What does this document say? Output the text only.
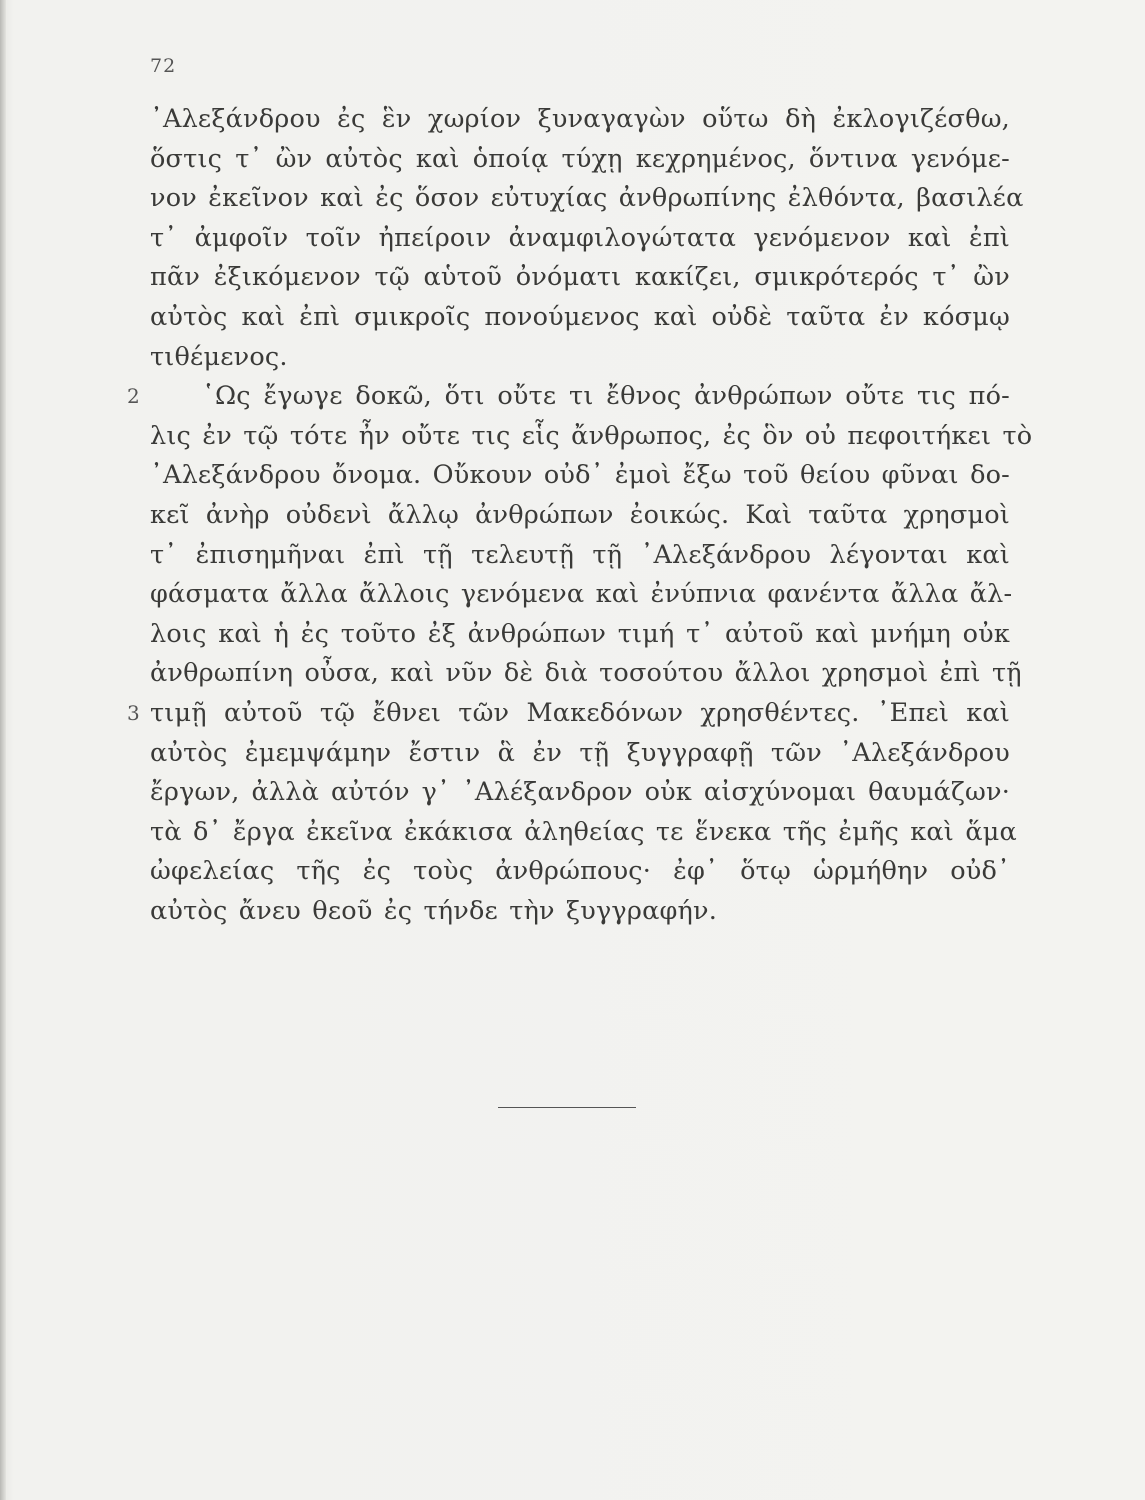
72
᾽Αλεξάνδρου ἐς ἓν χωρίον ξυναγαγὼν οὕτω δὴ ἐκλογιζέσθω,
ὅστις τ᾽ ὢν αὐτὸς καὶ ὁποίᾳ τύχῃ κεχρημένος, ὅντινα γενόμε-
νον ἐκεῖνον καὶ ἐς ὅσον εὐτυχίας ἀνθρωπίνης ἐλθόντα, βασιλέα
τ᾽ ἀμφοῖν τοῖν ἠπείροιν ἀναμφιλογώτατα γενόμενον καὶ ἐπὶ
πᾶν ἐξικόμενον τῷ αὑτοῦ ὀνόματι κακίζει, σμικρότερός τ᾽ ὢν
αὐτὸς καὶ ἐπὶ σμικροῖς πονούμενος καὶ οὐδὲ ταῦτα ἐν κόσμῳ
τιθέμενος.
2 ῾Ως ἔγωγε δοκῶ, ὅτι οὔτε τι ἔθνος ἀνθρώπων οὔτε τις πό-
λις ἐν τῷ τότε ἦν οὔτε τις εἷς ἄνθρωπος, ἐς ὃν οὐ πεφοιτήκει τὸ
᾽Αλεξάνδρου ὄνομα. Οὔκουν οὐδ᾽ ἐμοὶ ἔξω τοῦ θείου φῦναι δο-
κεῖ ἀνὴρ οὐδενὶ ἄλλῳ ἀνθρώπων ἐοικώς. Καὶ ταῦτα χρησμοὶ
τ᾽ ἐπισημῆναι ἐπὶ τῇ τελευτῇ τῇ ᾽Αλεξάνδρου λέγονται καὶ
φάσματα ἄλλα ἄλλοις γενόμενα καὶ ἐνύπνια φανέντα ἄλλα ἄλ-
λοις καὶ ἡ ἐς τοῦτο ἐξ ἀνθρώπων τιμή τ᾽ αὐτοῦ καὶ μνήμη οὐκ
ἀνθρωπίνη οὖσα, καὶ νῦν δὲ διὰ τοσούτου ἄλλοι χρησμοὶ ἐπὶ τῇ
3 τιμῇ αὐτοῦ τῷ ἔθνει τῶν Μακεδόνων χρησθέντες. ᾽Επεὶ καὶ
αὐτὸς ἐμεμψάμην ἔστιν ἃ ἐν τῇ ξυγγραφῇ τῶν ᾽Αλεξάνδρου
ἔργων, ἀλλὰ αὐτόν γ᾽ ᾽Αλέξανδρον οὐκ αἰσχύνομαι θαυμάζων·
τὰ δ᾽ ἔργα ἐκεῖνα ἐκάκισα ἀληθείας τε ἕνεκα τῆς ἐμῆς καὶ ἅμα
ὠφελείας τῆς ἐς τοὺς ἀνθρώπους· ἐφ᾽ ὅτῳ ὡρμήθην οὐδ᾽
αὐτὸς ἄνευ θεοῦ ἐς τήνδε τὴν ξυγγραφήν.
